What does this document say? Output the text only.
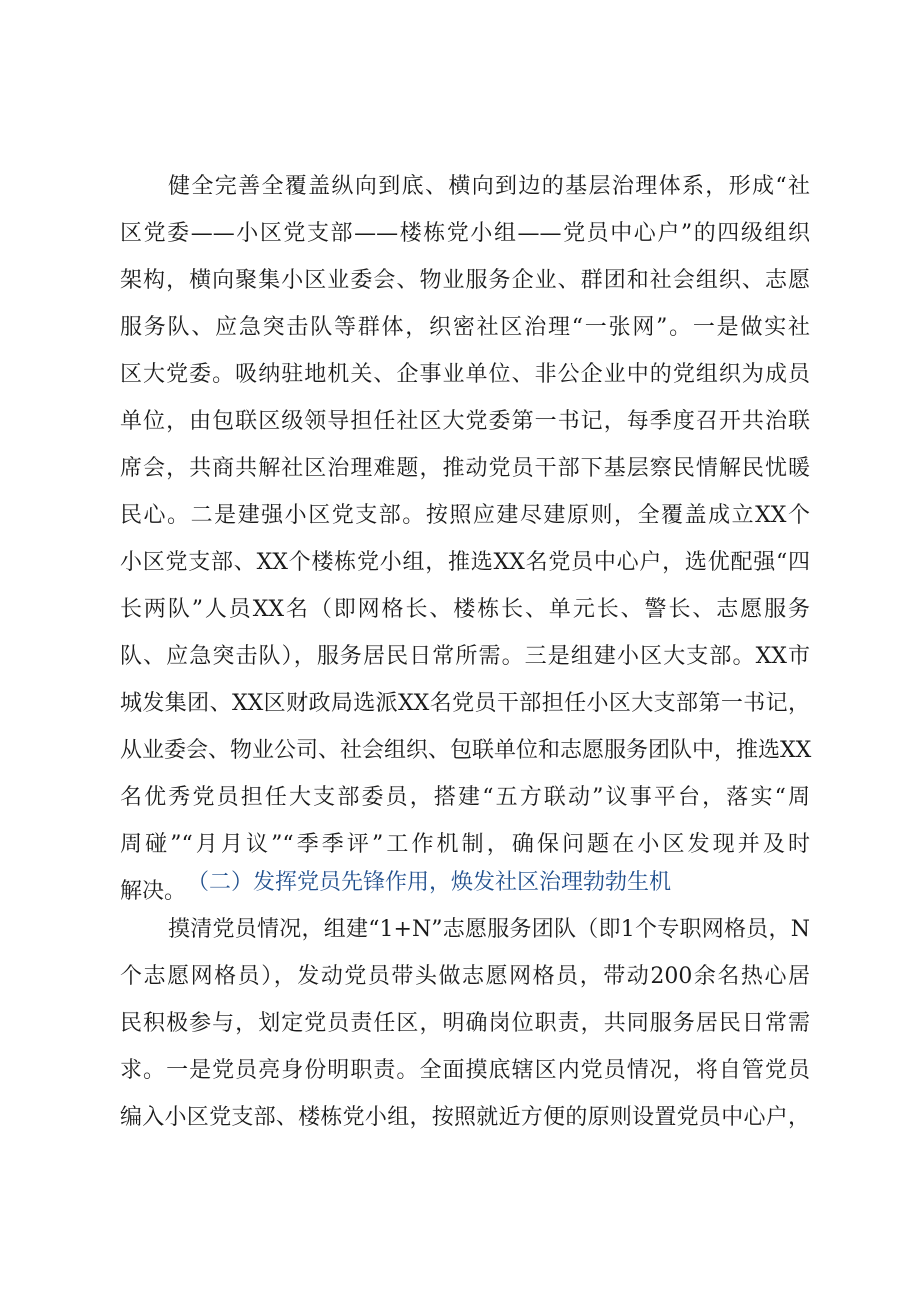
健全完善全覆盖纵向到底、横向到边的基层治理体系，形成“社
区党委——小区党支部——楼栋党小组——党员中心户”的四级组织
架构，横向聚集小区业委会、物业服务企业、群团和社会组织、志愿
服务队、应急突击队等群体，织密社区治理“一张网”。一是做实社
区大党委。吸纳驻地机关、企事业单位、非公企业中的党组织为成员
单位，由包联区级领导担任社区大党委第一书记，每季度召开共治联
席会，共商共解社区治理难题，推动党员干部下基层察民情解民忧暖
民心。二是建强小区党支部。按照应建尽建原则，全覆盖成立XX个
小区党支部、XX个楼栋党小组，推选XX名党员中心户，选优配强“四
长两队”人员XX名（即网格长、楼栋长、单元长、警长、志愿服务
队、应急突击队），服务居民日常所需。三是组建小区大支部。XX市
城发集团、XX区财政局选派XX名党员干部担任小区大支部第一书记，
从业委会、物业公司、社会组织、包联单位和志愿服务团队中，推选XX
名优秀党员担任大支部委员，搭建“五方联动”议事平台，落实“周
周碰”“月月议”“季季评”工作机制，确保问题在小区发现并及时
解决。 （二）发挥党员先锋作用，焕发社区治理勃勃生机
摸清党员情况，组建“1+N”志愿服务团队（即1个专职网格员，N
个志愿网格员），发动党员带头做志愿网格员，带动200余名热心居
民积极参与，划定党员责任区，明确岗位职责，共同服务居民日常需
求。一是党员亮身份明职责。全面摸底辖区内党员情况，将自管党员
编入小区党支部、楼栋党小组，按照就近方便的原则设置党员中心户，
